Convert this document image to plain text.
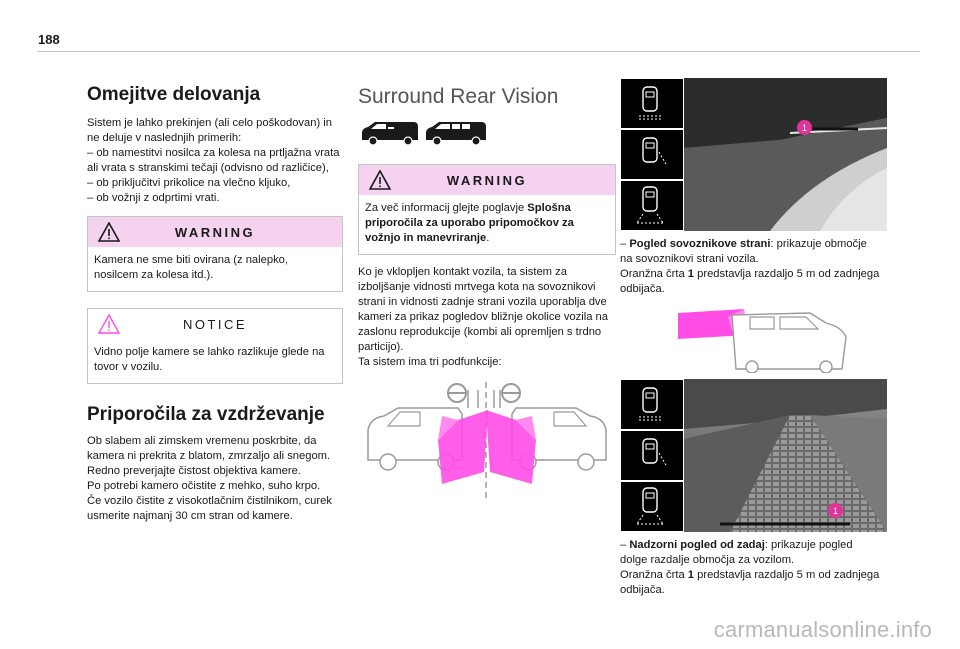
188
Omejitve delovanja

Sistem je lahko prekinjen (ali celo poškodovan) in ne deluje v naslednjih primerih:

– ob namestitvi nosilca za kolesa na prtljažna vrata ali vrata s stranskimi tečaji (odvisno od različice),
– ob priključitvi prikolice na vlečno kljuko,
– ob vožnji z odprtimi vrati.

WARNING
Kamera ne sme biti ovirana (z nalepko, nosilcem za kolesa itd.).
NOTICE
Vidno polje kamere se lahko razlikuje glede na tovor v vozilu.
Priporočila za vzdrževanje

Ob slabem ali zimskem vremenu poskrbite, da kamera ni prekrita z blatom, zmrzaljo ali snegom.
Redno preverjajte čistost objektiva kamere.
Po potrebi kamero očistite z mehko, suho krpo.
Če vozilo čistite z visokotlačnim čistilnikom, curek usmerite najmanj 30 cm stran od kamere.

Surround Rear Vision
WARNING
Za več informacij glejte poglavje Splošna priporočila za uporabo pripomočkov za vožnjo in manevriranje.

Ko je vklopljen kontakt vozila, ta sistem za izboljšanje vidnosti mrtvega kota na sovoznikovi strani in vidnosti zadnje strani vozila uporablja dve kameri za prikaz pogledov bližnje okolice vozila na zaslonu reprodukcije (kombi ali opremljen s trdno particijo).

Ta sistem ima tri podfunkcije:

1

– Pogled sovoznikove strani: prikazuje območje na sovoznikovi strani vozila.
Oranžna črta 1 predstavlja razdaljo 5 m od zadnjega odbijača.

1

– Nadzorni pogled od zadaj: prikazuje pogled dolge razdalje območja za vozilom.
Oranžna črta 1 predstavlja razdaljo 5 m od zadnjega odbijača.

carmanualsonline.info
